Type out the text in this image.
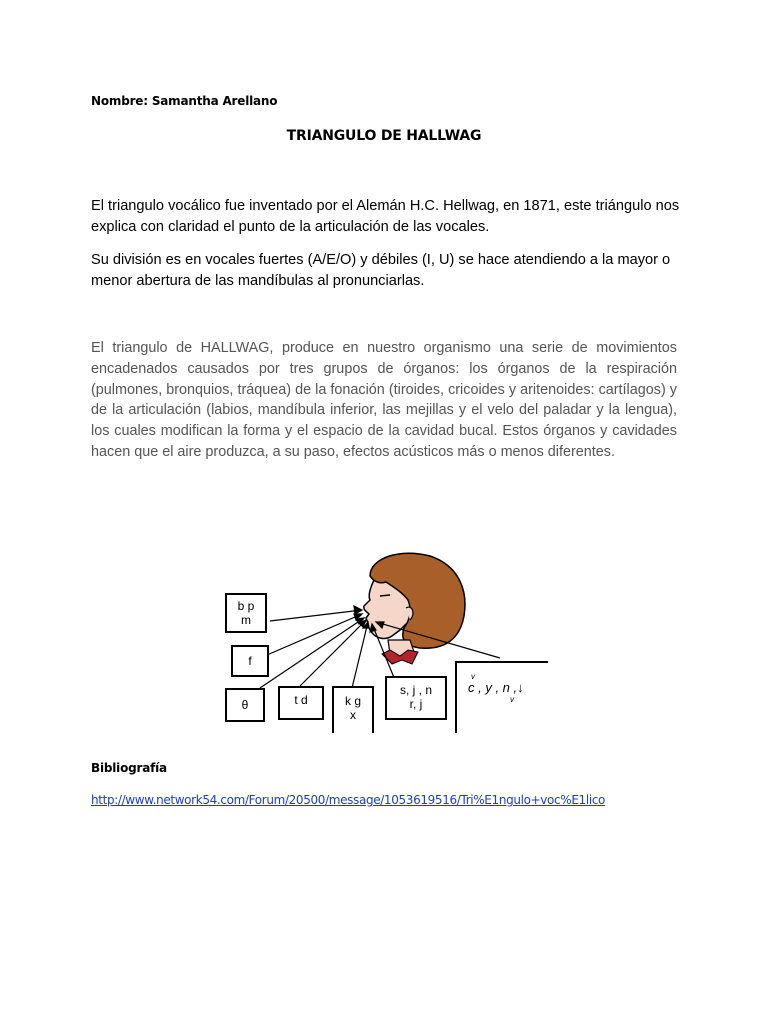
Nombre: Samantha Arellano
TRIANGULO DE HALLWAG
El triangulo vocálico fue inventado por el Alemán H.C. Hellwag, en 1871, este triángulo nos explica con claridad el punto de la articulación de las vocales.
Su división es en vocales fuertes (A/E/O) y débiles (I, U) se hace atendiendo a la mayor o menor abertura de las mandíbulas al pronunciarlas.
El triangulo de HALLWAG, produce en nuestro organismo una serie de movimientos encadenados causados por tres grupos de órganos: los órganos de la respiración (pulmones, bronquios, tráquea) de la fonación (tiroides, cricoides y aritenoides: cartílagos) y de la articulación (labios, mandíbula inferior, las mejillas y el velo del paladar y la lengua), los cuales modifican la forma y el espacio de la cavidad bucal. Estos órganos y cavidades hacen que el aire produzca, a su paso, efectos acústicos más o menos diferentes.
b p
m
f
θ	t d	k g
x
s, j , n
r, j
v
c , y , n ,↓
v
Bibliografía
http://www.network54.com/Forum/20500/message/1053619516/Tri%E1ngulo+voc%E1lico
